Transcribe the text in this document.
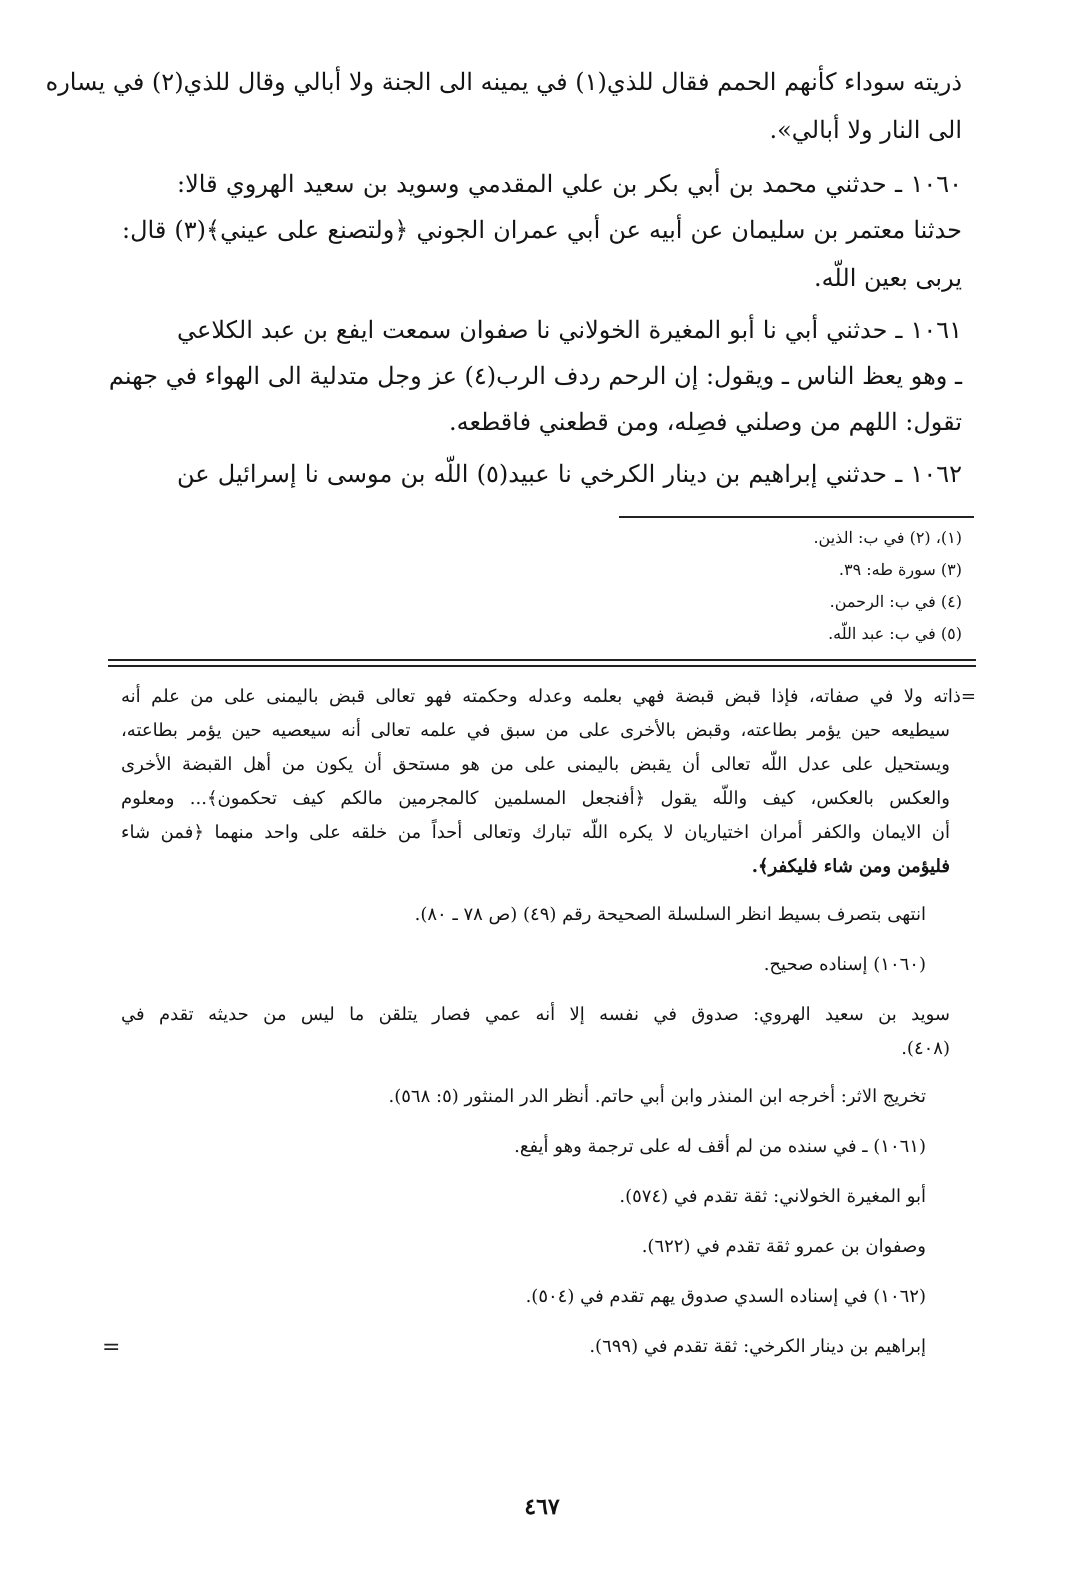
ذريته سوداء كأنهم الحمم فقال للذي(١) في يمينه الى الجنة ولا أبالي وقال للذي(٢) في يساره
الى النار ولا أبالي».
١٠٦٠ ـ حدثني محمد بن أبي بكر بن علي المقدمي وسويد بن سعيد الهروي قالا:
حدثنا معتمر بن سليمان عن أبيه عن أبي عمران الجوني ﴿ولتصنع على عيني﴾(٣) قال:
يربى بعين اللّه.
١٠٦١ ـ حدثني أبي نا أبو المغيرة الخولاني نا صفوان سمعت ايفع بن عبد الكلاعي
ـ وهو يعظ الناس ـ ويقول: إن الرحم ردف الرب(٤) عز وجل متدلية الى الهواء في جهنم
تقول: اللهم من وصلني فصِله، ومن قطعني فاقطعه.
١٠٦٢ ـ حدثني إبراهيم بن دينار الكرخي نا عبيد(٥) اللّه بن موسى نا إسرائيل عن
(١)، (٢) في ب: الذين.
(٣) سورة طه: ٣٩.
(٤) في ب: الرحمن.
(٥) في ب: عبد اللّه.
=ذاته ولا في صفاته، فإذا قبض قبضة فهي بعلمه وعدله وحكمته فهو تعالى قبض باليمنى على من علم أنه
سيطيعه حين يؤمر بطاعته، وقبض بالأخرى على من سبق في علمه تعالى أنه سيعصيه حين يؤمر بطاعته،
ويستحيل على عدل اللّه تعالى أن يقبض باليمنى على من هو مستحق أن يكون من أهل القبضة الأخرى
والعكس بالعكس، كيف واللّه يقول ﴿أفنجعل المسلمين كالمجرمين مالكم كيف تحكمون﴾... ومعلوم
أن الايمان والكفر أمران اختياريان لا يكره اللّه تبارك وتعالى أحداً من خلقه على واحد منهما ﴿فمن شاء
فليؤمن ومن شاء فليكفر﴾.
انتهى بتصرف بسيط انظر السلسلة الصحيحة رقم (٤٩) (ص ٧٨ ـ ٨٠).
(١٠٦٠) إسناده صحيح.
سويد بن سعيد الهروي: صدوق في نفسه إلا أنه عمي فصار يتلقن ما ليس من حديثه تقدم في
(٤٠٨).
تخريج الاثر: أخرجه ابن المنذر وابن أبي حاتم. أنظر الدر المنثور (٥: ٥٦٨).
(١٠٦١) ـ في سنده من لم أقف له على ترجمة وهو أيفع.
أبو المغيرة الخولاني: ثقة تقدم في (٥٧٤).
وصفوان بن عمرو ثقة تقدم في (٦٢٢).
(١٠٦٢) في إسناده السدي صدوق يهم تقدم في (٥٠٤).
إبراهيم بن دينار الكرخي: ثقة تقدم في (٦٩٩).
=
٤٦٧
